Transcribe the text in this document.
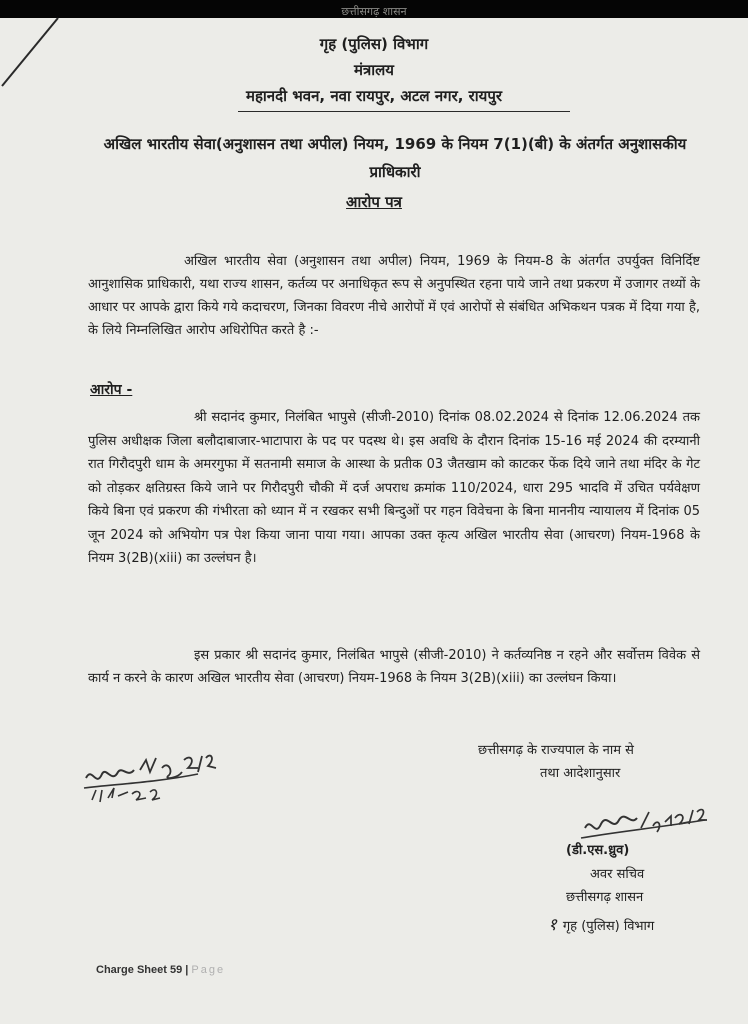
छत्तीसगढ़ शासन
गृह (पुलिस) विभाग
मंत्रालय
महानदी भवन, नवा रायपुर, अटल नगर, रायपुर
अखिल भारतीय सेवा(अनुशासन तथा अपील) नियम, 1969 के नियम 7(1)(बी) के अंतर्गत अनुशासकीय प्राधिकारी
आरोप पत्र
अखिल भारतीय सेवा (अनुशासन तथा अपील) नियम, 1969 के नियम-8 के अंतर्गत उपर्युक्त विनिर्दिष्ट आनुशासिक प्राधिकारी, यथा राज्य शासन, कर्तव्य पर अनाधिकृत रूप से अनुपस्थित रहना पाये जाने तथा प्रकरण में उजागर तथ्यों के आधार पर आपके द्वारा किये गये कदाचरण, जिनका विवरण नीचे आरोपों में एवं आरोपों से संबंधित अभिकथन पत्रक में दिया गया है, के लिये निम्नलिखित आरोप अधिरोपित करते है :-
आरोप -
श्री सदानंद कुमार, निलंबित भापुसे (सीजी-2010) दिनांक 08.02.2024 से दिनांक 12.06.2024 तक पुलिस अधीक्षक जिला बलौदाबाजार-भाटापारा के पद पर पदस्थ थे। इस अवधि के दौरान दिनांक 15-16 मई 2024 की दरम्यानी रात गिरौदपुरी धाम के अमरगुफा में सतनामी समाज के आस्था के प्रतीक 03 जैतखाम को काटकर फेंक दिये जाने तथा मंदिर के गेट को तोड़कर क्षतिग्रस्त किये जाने पर गिरौदपुरी चौकी में दर्ज अपराध क्रमांक 110/2024, धारा 295 भादवि में उचित पर्यवेक्षण किये बिना एवं प्रकरण की गंभीरता को ध्यान में न रखकर सभी बिन्दुओं पर गहन विवेचना के बिना माननीय न्यायालय में दिनांक 05 जून 2024 को अभियोग पत्र पेश किया जाना पाया गया। आपका उक्त कृत्य अखिल भारतीय सेवा (आचरण) नियम-1968 के नियम 3(2B)(xiii) का उल्लंघन है।
इस प्रकार श्री सदानंद कुमार, निलंबित भापुसे (सीजी-2010) ने कर्तव्यनिष्ठ न रहने और सर्वोत्तम विवेक से कार्य न करने के कारण अखिल भारतीय सेवा (आचरण) नियम-1968 के नियम 3(2B)(xiii) का उल्लंघन किया।
छत्तीसगढ़ के राज्यपाल के नाम से
तथा आदेशानुसार
(डी.एस.ध्रुव)
अवर सचिव
छत्तीसगढ़ शासन
१ गृह (पुलिस) विभाग
Charge Sheet 59 | Page
